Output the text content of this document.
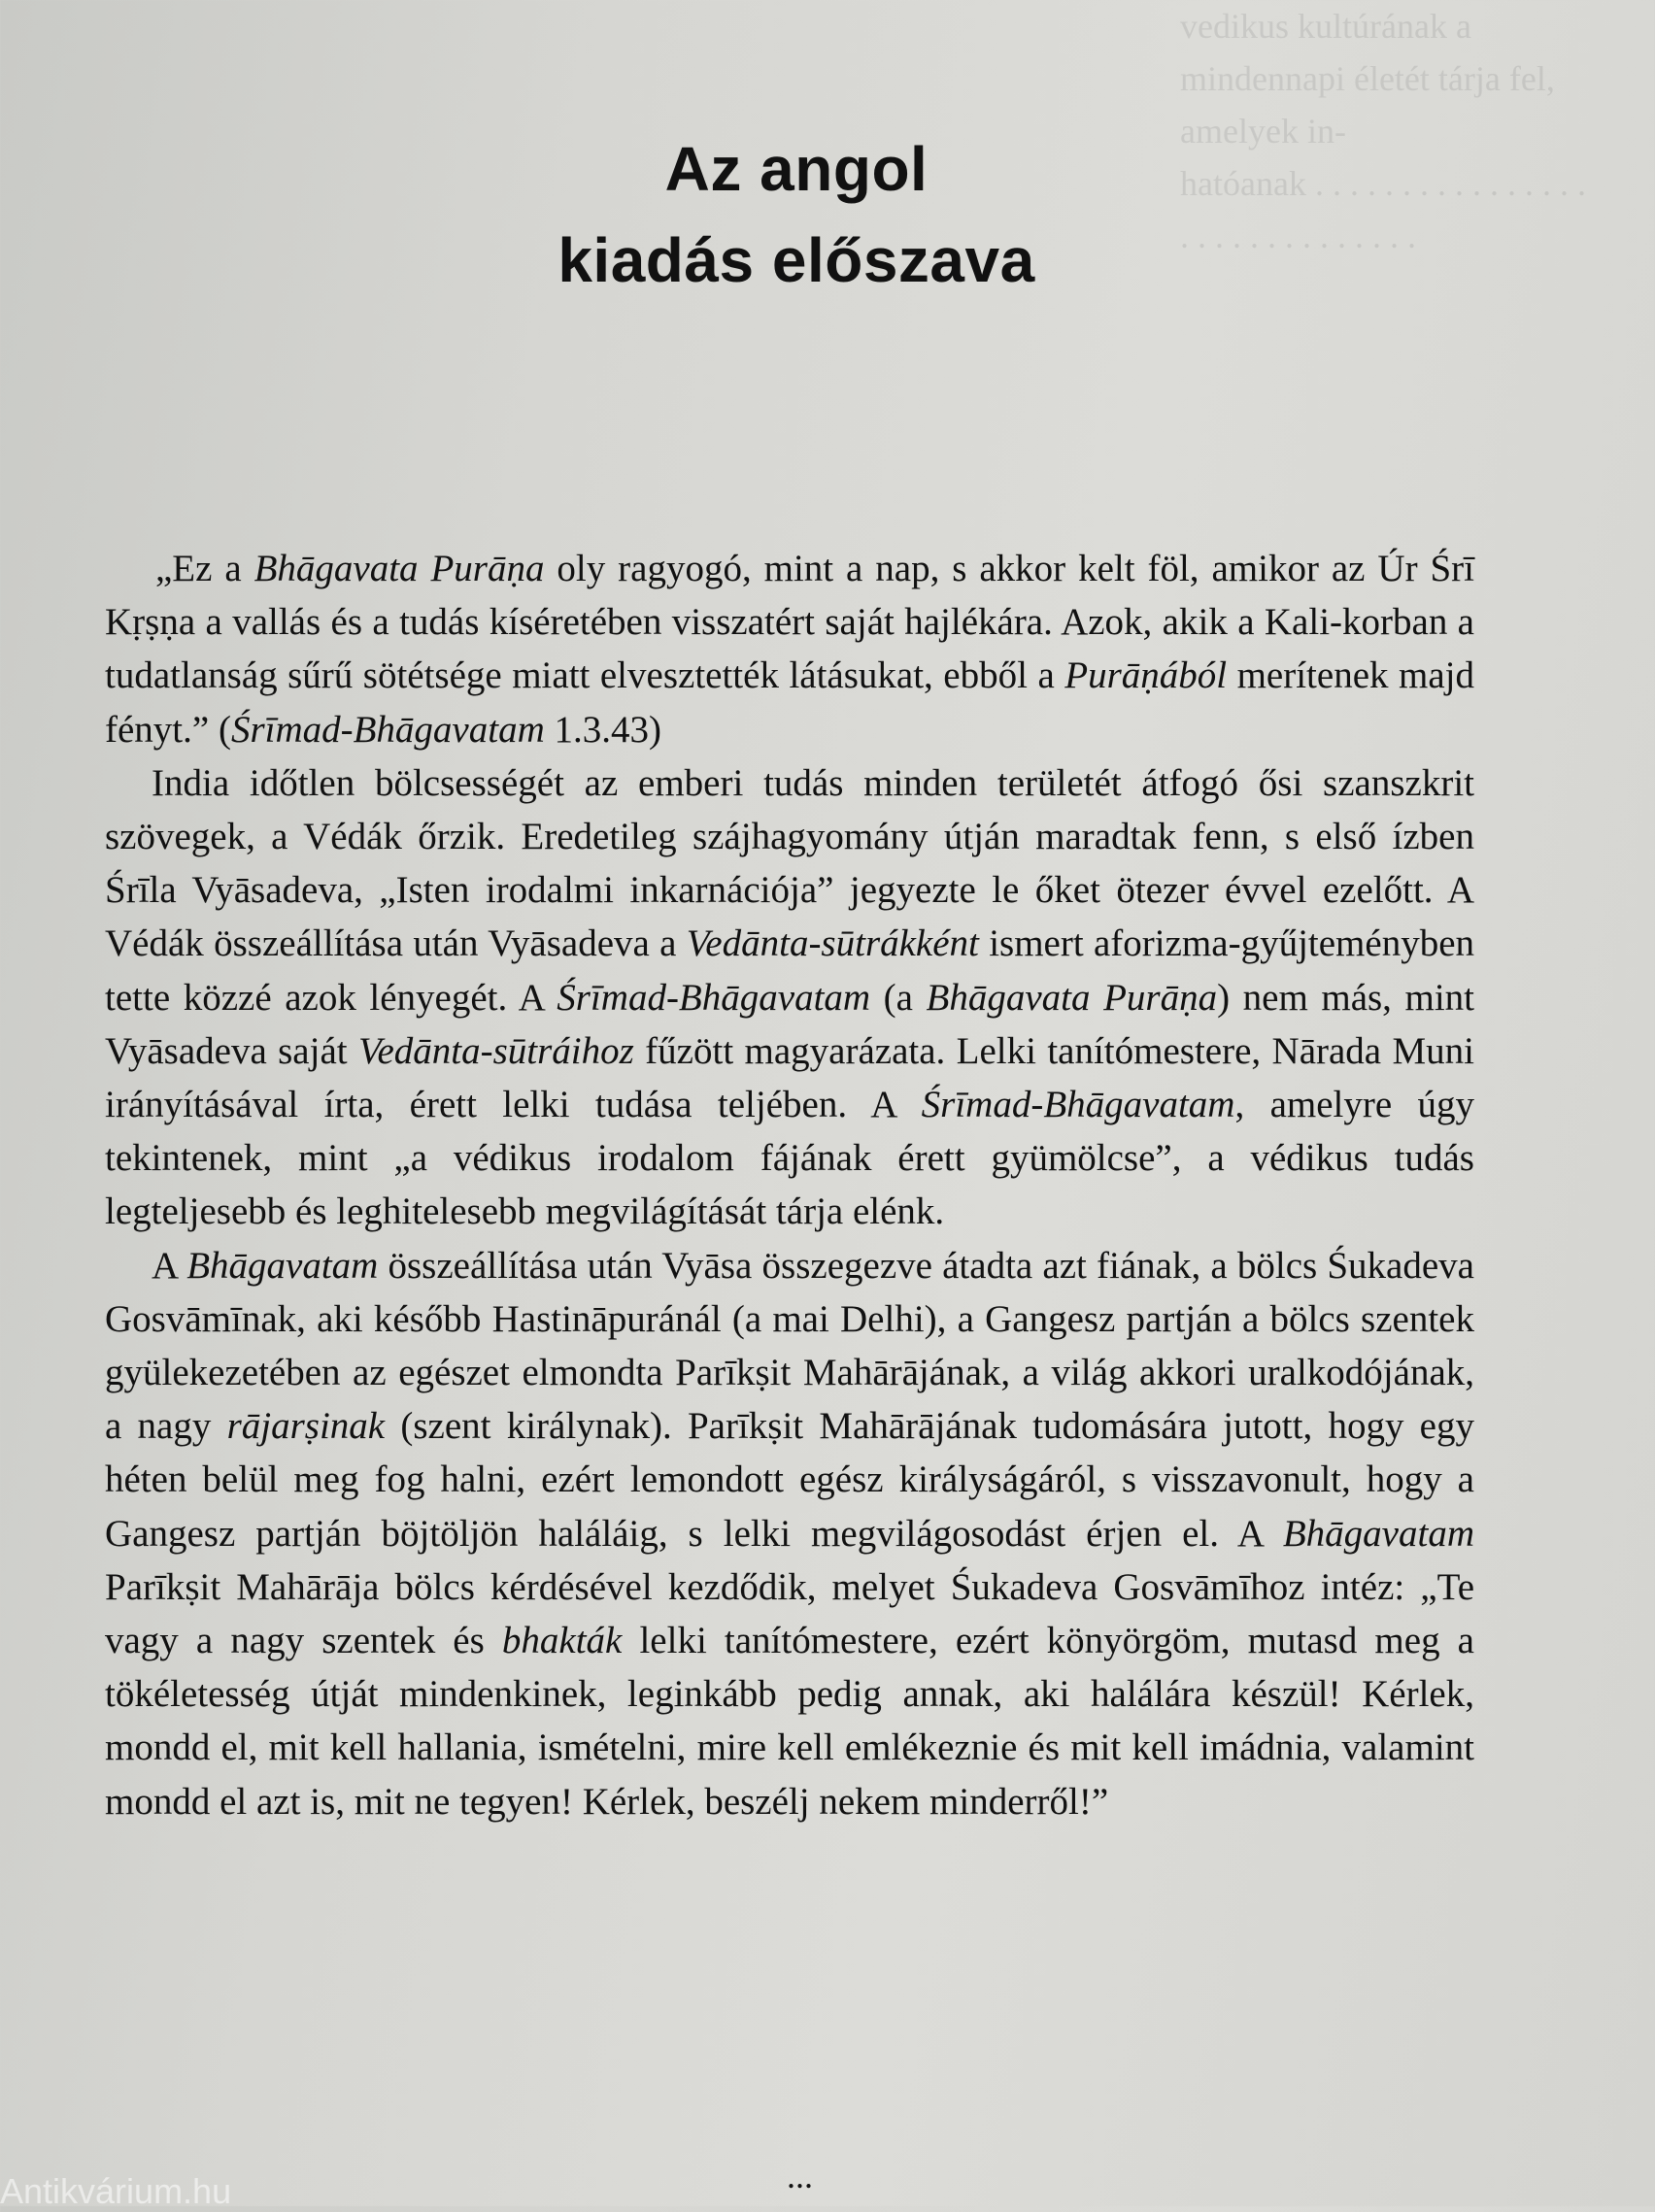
vedikus kultúrának a mindennapi életét tárja fel, amelyek in-
hatóanak . . . . . . . . . . . . . . . . . . . . . . . . . . . . . .

Az angol
kiadás előszava

„Ez a Bhāgavata Purāṇa oly ragyogó, mint a nap, s akkor kelt föl, amikor az Úr Śrī Kṛṣṇa a vallás és a tudás kíséretében visszatért saját hajlékára. Azok, akik a Kali-korban a tudatlanság sűrű sötétsége miatt elvesztették látásukat, ebből a Purāṇából merítenek majd fényt.” (Śrīmad-Bhāgavatam 1.3.43)

India időtlen bölcsességét az emberi tudás minden területét átfogó ősi szanszkrit szövegek, a Védák őrzik. Eredetileg szájhagyomány útján maradtak fenn, s első ízben Śrīla Vyāsadeva, „Isten irodalmi inkarnációja” jegyezte le őket ötezer évvel ezelőtt. A Védák összeállítása után Vyāsadeva a Vedānta-sūtrákként ismert aforizma-gyűjteményben tette közzé azok lényegét. A Śrīmad-Bhāgavatam (a Bhāgavata Purāṇa) nem más, mint Vyāsadeva saját Vedānta-sūtráihoz fűzött magyarázata. Lelki tanítómestere, Nārada Muni irányításával írta, érett lelki tudása teljében. A Śrīmad-Bhāgavatam, amelyre úgy tekintenek, mint „a védikus irodalom fájának érett gyümölcse”, a védikus tudás legteljesebb és leghitelesebb megvilágítását tárja elénk.

A Bhāgavatam összeállítása után Vyāsa összegezve átadta azt fiának, a bölcs Śukadeva Gosvāmīnak, aki később Hastināpuránál (a mai Delhi), a Gangesz partján a bölcs szentek gyülekezetében az egészet elmondta Parīkṣit Mahārājának, a világ akkori uralkodójának, a nagy rājarṣinak (szent királynak). Parīkṣit Mahārājának tudomására jutott, hogy egy héten belül meg fog halni, ezért lemondott egész királyságáról, s visszavonult, hogy a Gangesz partján böjtöljön haláláig, s lelki megvilágosodást érjen el. A Bhāgavatam Parīkṣit Mahārāja bölcs kérdésével kezdődik, melyet Śukadeva Gosvāmīhoz intéz: „Te vagy a nagy szentek és bhakták lelki tanítómestere, ezért könyörgöm, mutasd meg a tökéletesség útját mindenkinek, leginkább pedig annak, aki halálára készül! Kérlek, mondd el, mit kell hallania, ismételni, mire kell emlékeznie és mit kell imádnia, valamint mondd el azt is, mit ne tegyen! Kérlek, beszélj nekem minderről!”

...
Antikvárium.hu
